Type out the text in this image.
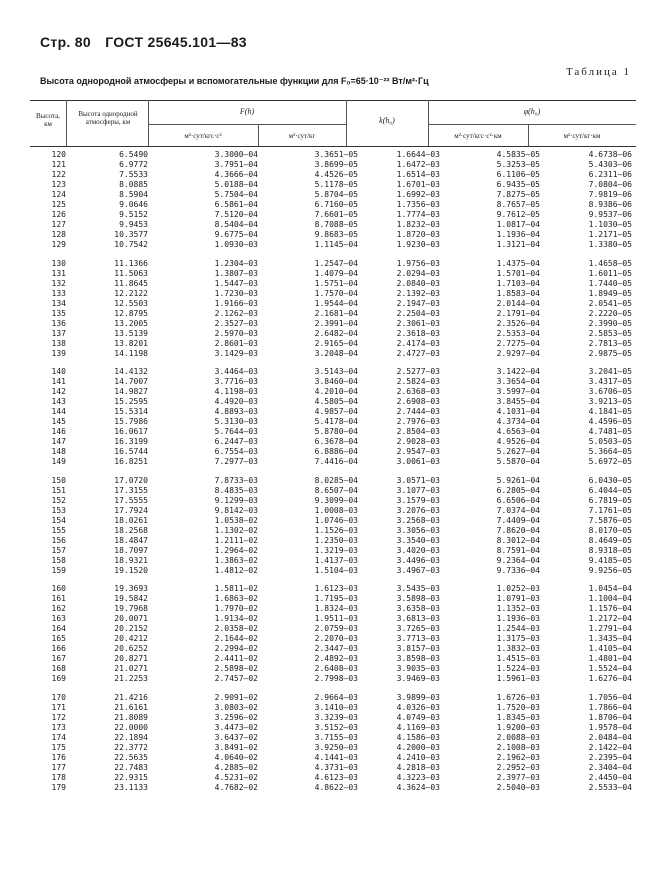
Стр. 80 ГОСТ 25645.101—83
Таблица 1
Высота однородной атмосферы и вспомогательные функции для F₀=65·10⁻²² Вт/м²·Гц
Высота, км
Высота однородной атмосферы, км
F(h)
м²·сут/кгс·с²	м²·сут/кг
k(h₀)
φ(h₀)
м²·сут/кгс·с²·км	м²·сут/кг·км
120	6.5490	3.3000—04	3.3651—05	1.6644—03	4.5835—05	4.6738—06
121	6.9772	3.7951—04	3.8699—05	1.6472—03	5.3253—05	5.4303—06
122	7.5533	4.3666—04	4.4526—05	1.6514—03	6.1106—05	6.2311—06
123	8.0885	5.0188—04	5.1178—05	1.6701—03	6.9435—05	7.0804—06
124	8.5904	5.7504—04	5.8704—05	1.6992—03	7.8275—05	7.9819—06
125	9.0646	6.5861—04	6.7160—05	1.7356—03	8.7657—05	8.9386—06
126	9.5152	7.5120—04	7.6601—05	1.7774—03	9.7612—05	9.9537—06
127	9.9453	8.5404—04	8.7088—05	1.8232—03	1.0817—04	1.1030—05
128	10.3577	9.6775—04	9.8683—05	1.8720—03	1.1936—04	1.2171—05
129	10.7542	1.0930—03	1.1145—04	1.9230—03	1.3121—04	1.3380—05
130	11.1366	1.2304—03	1.2547—04	1.9756—03	1.4375—04	1.4658—05
131	11.5063	1.3807—03	1.4079—04	2.0294—03	1.5701—04	1.6011—05
132	11.8645	1.5447—03	1.5751—04	2.0840—03	1.7103—04	1.7440—05
133	12.2122	1.7230—03	1.7570—04	2.1392—03	1.8583—04	1.8949—05
134	12.5503	1.9166—03	1.9544—04	2.1947—03	2.0144—04	2.0541—05
135	12.8795	2.1262—03	2.1681—04	2.2504—03	2.1791—04	2.2220—05
136	13.2005	2.3527—03	2.3991—04	2.3061—03	2.3526—04	2.3990—05
137	13.5139	2.5970—03	2.6482—04	2.3618—03	2.5353—04	2.5853—05
138	13.8201	2.8601—03	2.9165—04	2.4174—03	2.7275—04	2.7813—05
139	14.1198	3.1429—03	3.2048—04	2.4727—03	2.9297—04	2.9875—05
140	14.4132	3.4464—03	3.5143—04	2.5277—03	3.1422—04	3.2041—05
141	14.7007	3.7716—03	3.8460—04	2.5824—03	3.3654—04	3.4317—05
142	14.9827	4.1198—03	4.2010—04	2.6368—03	3.5997—04	3.6706—05
143	15.2595	4.4920—03	4.5805—04	2.6908—03	3.8455—04	3.9213—05
144	15.5314	4.8893—03	4.9857—04	2.7444—03	4.1031—04	4.1841—05
145	15.7986	5.3130—03	5.4178—04	2.7976—03	4.3734—04	4.4596—05
146	16.0617	5.7644—03	5.8780—04	2.8504—03	4.6563—04	4.7481—05
147	16.3199	6.2447—03	6.3678—04	2.9028—03	4.9526—04	5.0503—05
148	16.5744	6.7554—03	6.8886—04	2.9547—03	5.2627—04	5.3664—05
149	16.8251	7.2977—03	7.4416—04	3.0061—03	5.5870—04	5.6972—05
150	17.0720	7.8733—03	8.0285—04	3.0571—03	5.9261—04	6.0430—05
151	17.3155	8.4835—03	8.6507—04	3.1077—03	6.2805—04	6.4044—05
152	17.5555	9.1299—03	9.3099—04	3.1579—03	6.6506—04	6.7819—05
153	17.7924	9.8142—03	1.0008—03	3.2076—03	7.0374—04	7.1761—05
154	18.0261	1.0538—02	1.0746—03	3.2568—03	7.4409—04	7.5876—05
155	18.2568	1.1302—02	1.1526—03	3.3056—03	7.8620—04	8.0170—05
156	18.4847	1.2111—02	1.2350—03	3.3540—03	8.3012—04	8.4649—05
157	18.7097	1.2964—02	1.3219—03	3.4020—03	8.7591—04	8.9318—05
158	18.9321	1.3863—02	1.4137—03	3.4496—03	9.2364—04	9.4185—05
159	19.1520	1.4812—02	1.5104—03	3.4967—03	9.7336—04	9.9256—05
160	19.3693	1.5811—02	1.6123—03	3.5435—03	1.0252—03	1.0454—04
161	19.5842	1.6863—02	1.7195—03	3.5898—03	1.0791—03	1.1004—04
162	19.7968	1.7970—02	1.8324—03	3.6358—03	1.1352—03	1.1576—04
163	20.0071	1.9134—02	1.9511—03	3.6813—03	1.1936—03	1.2172—04
164	20.2152	2.0358—02	2.0759—03	3.7265—03	1.2544—03	1.2791—04
165	20.4212	2.1644—02	2.2070—03	3.7713—03	1.3175—03	1.3435—04
166	20.6252	2.2994—02	2.3447—03	3.8157—03	1.3832—03	1.4105—04
167	20.8271	2.4411—02	2.4892—03	3.8598—03	1.4515—03	1.4801—04
168	21.0271	2.5898—02	2.6408—03	3.9035—03	1.5224—03	1.5524—04
169	21.2253	2.7457—02	2.7998—03	3.9469—03	1.5961—03	1.6276—04
170	21.4216	2.9091—02	2.9664—03	3.9899—03	1.6726—03	1.7056—04
171	21.6161	3.0803—02	3.1410—03	4.0326—03	1.7520—03	1.7866—04
172	21.8089	3.2596—02	3.3239—03	4.0749—03	1.8345—03	1.8706—04
173	22.0000	3.4473—02	3.5152—03	4.1169—03	1.9200—03	1.9578—04
174	22.1894	3.6437—02	3.7155—03	4.1586—03	2.0088—03	2.0484—04
175	22.3772	3.8491—02	3.9250—03	4.2000—03	2.1008—03	2.1422—04
176	22.5635	4.0640—02	4.1441—03	4.2410—03	2.1962—03	2.2395—04
177	22.7483	4.2885—02	4.3731—03	4.2818—03	2.2952—03	2.3404—04
178	22.9315	4.5231—02	4.6123—03	4.3223—03	2.3977—03	2.4450—04
179	23.1133	4.7682—02	4.8622—03	4.3624—03	2.5040—03	2.5533—04
